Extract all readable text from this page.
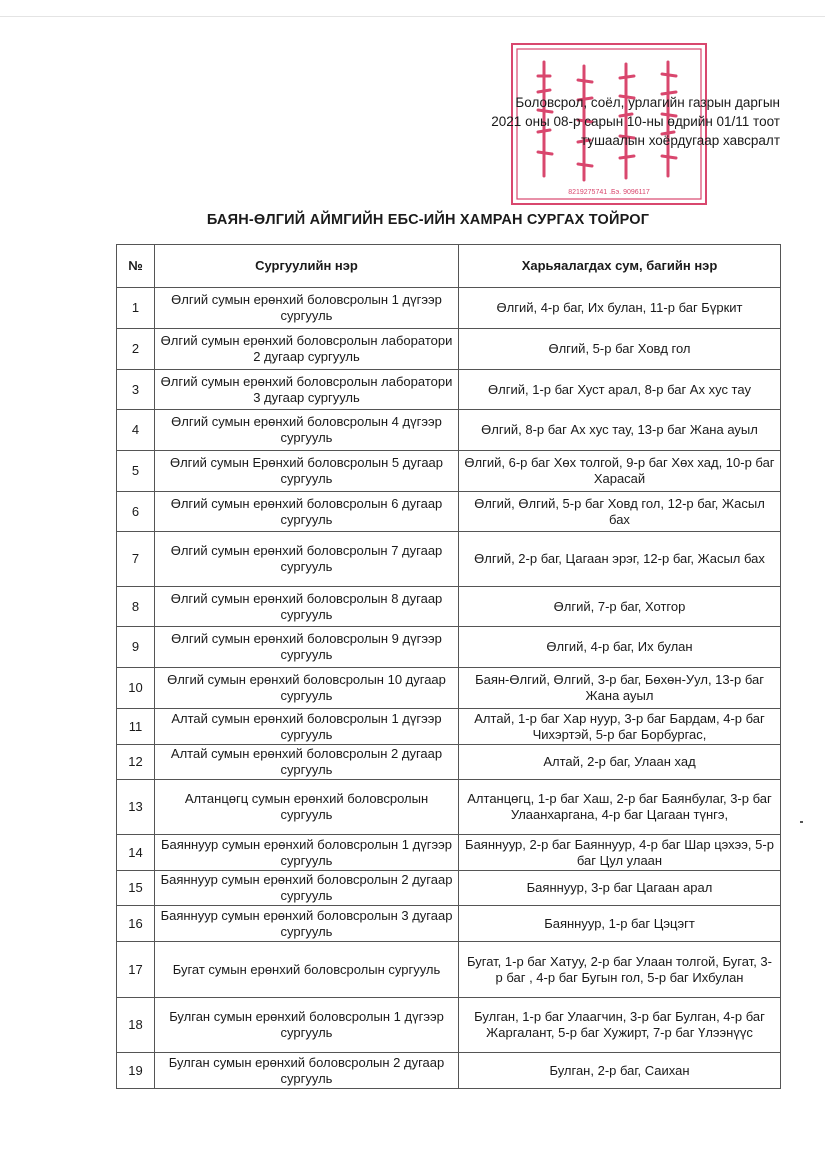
8219275741 .Бэ. 9096117
Боловсрол, соёл, урлагийн газрын даргын
2021 оны 08-р сарын 10-ны өдрийн 01/11 тоот
тушаалын хоёрдугаар хавсралт
БАЯН-ӨЛГИЙ АЙМГИЙН ЕБС-ИЙН ХАМРАН СУРГАХ ТОЙРОГ
№	Сургуулийн нэр	Харьяалагдах сум, багийн нэр
1	Өлгий сумын ерөнхий боловсролын 1 дүгээр сургууль	Өлгий, 4-р баг, Их булан, 11-р баг Бүркит
2	Өлгий сумын ерөнхий боловсролын лаборатори 2 дугаар сургууль	Өлгий, 5-р баг Ховд гол
3	Өлгий сумын ерөнхий боловсролын лаборатори 3 дугаар сургууль	Өлгий, 1-р баг Хуст арал, 8-р баг Ах хус тау
4	Өлгий сумын ерөнхий боловсролын 4 дүгээр сургууль	Өлгий, 8-р баг Ах хус тау, 13-р баг Жана ауыл
5	Өлгий сумын Ерөнхий боловсролын 5 дугаар сургууль	Өлгий, 6-р баг Хөх толгой, 9-р баг Хөх хад, 10-р баг Харасай
6	Өлгий сумын ерөнхий боловсролын 6 дугаар сургууль	Өлгий, Өлгий, 5-р баг Ховд гол, 12-р баг, Жасыл бах
7	Өлгий сумын ерөнхий боловсролын 7 дугаар сургууль	Өлгий, 2-р баг, Цагаан эрэг, 12-р баг, Жасыл бах
8	Өлгий сумын ерөнхий боловсролын 8 дугаар сургууль	Өлгий, 7-р баг, Хотгор
9	Өлгий сумын ерөнхий боловсролын 9 дүгээр сургууль	Өлгий, 4-р баг, Их булан
10	Өлгий сумын ерөнхий боловсролын 10 дугаар сургууль	Баян-Өлгий, Өлгий, 3-р баг, Бөхөн-Уул, 13-р баг Жана ауыл
11	Алтай сумын ерөнхий боловсролын 1 дүгээр сургууль	Алтай, 1-р баг Хар нуур, 3-р баг Бардам, 4-р баг Чихэртэй, 5-р баг Борбургас,
12	Алтай сумын ерөнхий боловсролын 2 дугаар сургууль	Алтай, 2-р баг, Улаан хад
13	Алтанцөгц сумын ерөнхий боловсролын сургууль	Алтанцөгц, 1-р баг Хаш, 2-р баг Баянбулаг, 3-р баг Улаанхаргана, 4-р баг Цагаан түнгэ,
14	Баяннуур сумын ерөнхий боловсролын 1 дүгээр сургууль	Баяннуур, 2-р баг Баяннуур, 4-р баг Шар цэхээ, 5-р баг Цул улаан
15	Баяннуур сумын ерөнхий боловсролын 2 дугаар сургууль	Баяннуур, 3-р баг Цагаан арал
16	Баяннуур сумын ерөнхий боловсролын 3 дугаар сургууль	Баяннуур, 1-р баг Цэцэгт
17	Бугат сумын ерөнхий боловсролын сургууль	Бугат, 1-р баг Хатуу, 2-р баг Улаан толгой, Бугат, 3-р баг , 4-р баг Бугын гол, 5-р баг Ихбулан
18	Булган сумын ерөнхий боловсролын 1 дүгээр сургууль	Булган, 1-р баг Улаагчин, 3-р баг Булган, 4-р баг Жаргалант, 5-р баг Хужирт, 7-р баг Үлээнүүс
19	Булган сумын ерөнхий боловсролын 2 дугаар сургууль	Булган, 2-р баг, Саихан
